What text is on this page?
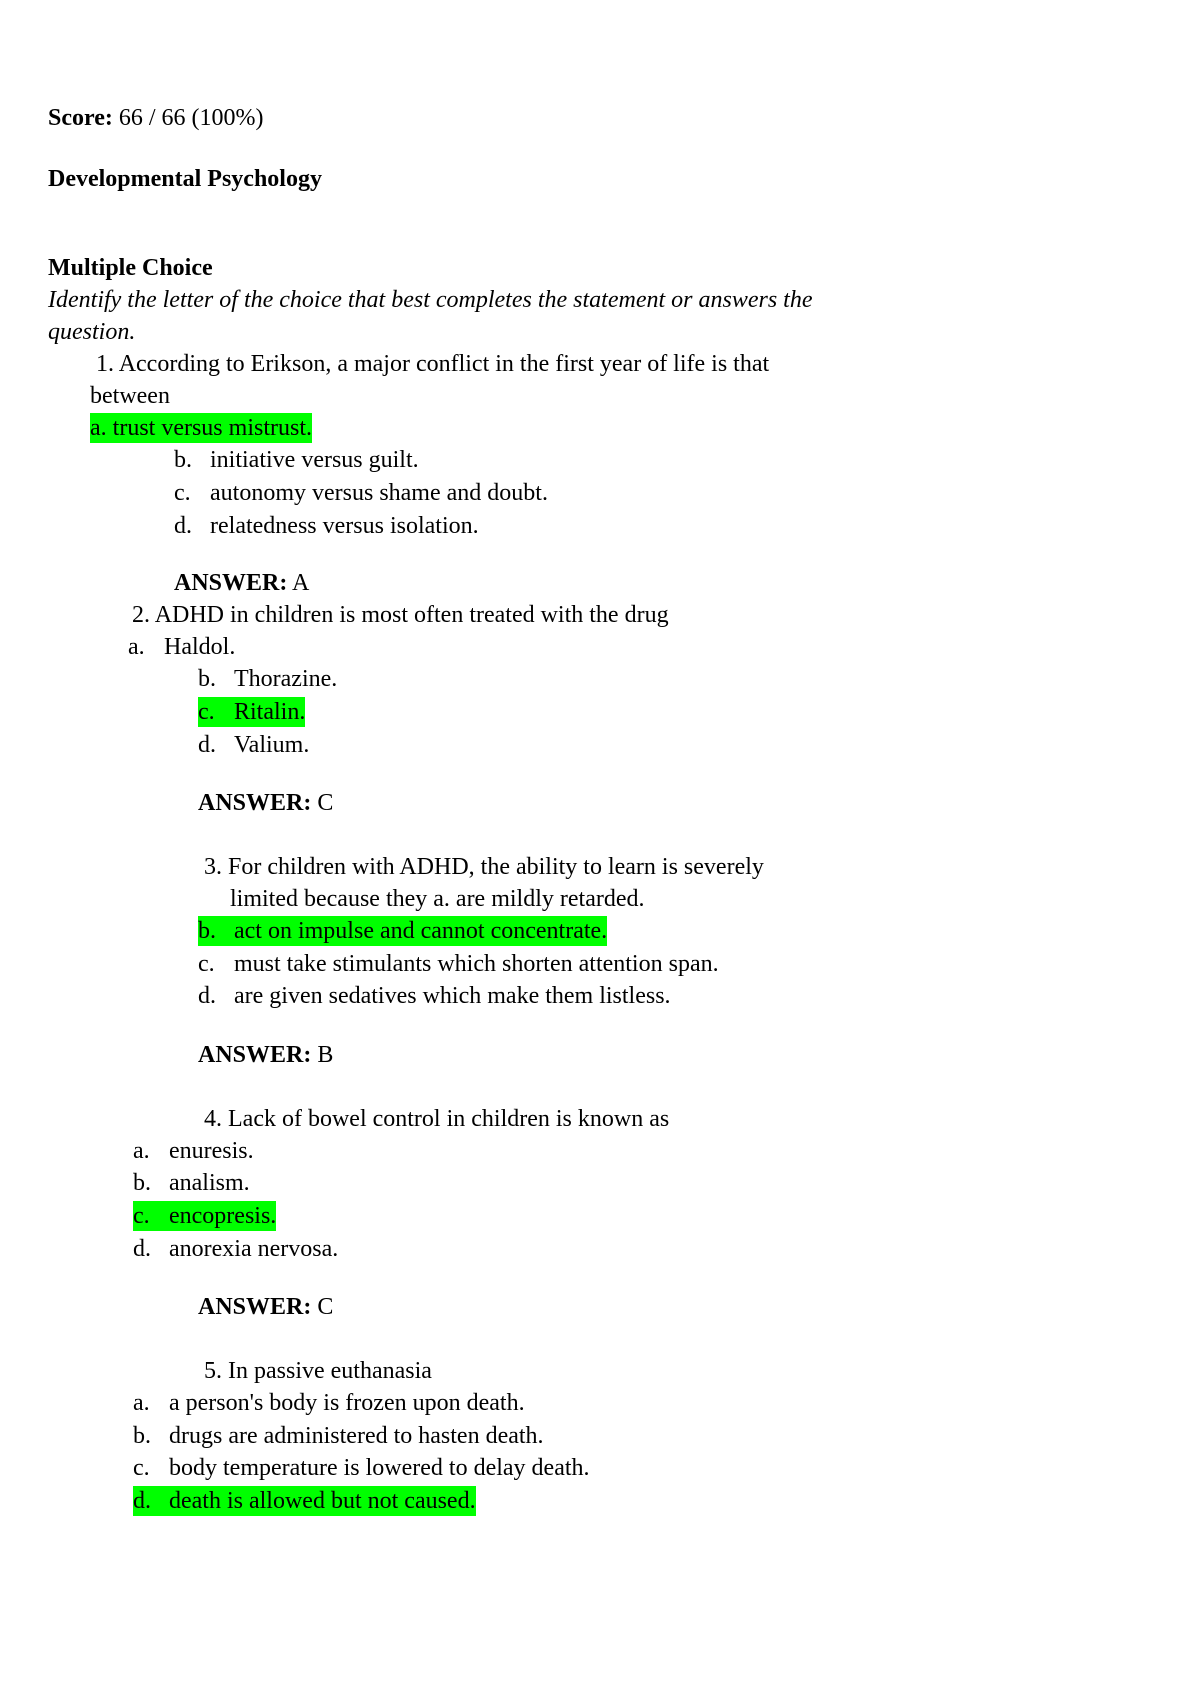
Score: 66 / 66 (100%)
Developmental Psychology
Multiple Choice
Identify the letter of the choice that best completes the statement or answers the
question.
1. According to Erikson, a major conflict in the first year of life is that
between
a. trust versus mistrust.
b. initiative versus guilt.
c. autonomy versus shame and doubt.
d. relatedness versus isolation.
ANSWER: A
2. ADHD in children is most often treated with the drug
a. Haldol.
b. Thorazine.
c. Ritalin.
d. Valium.
ANSWER: C
3. For children with ADHD, the ability to learn is severely
limited because they a. are mildly retarded.
b. act on impulse and cannot concentrate.
c. must take stimulants which shorten attention span.
d. are given sedatives which make them listless.
ANSWER: B
4. Lack of bowel control in children is known as
a. enuresis.
b. analism.
c. encopresis.
d. anorexia nervosa.
ANSWER: C
5. In passive euthanasia
a. a person's body is frozen upon death.
b. drugs are administered to hasten death.
c. body temperature is lowered to delay death.
d. death is allowed but not caused.
